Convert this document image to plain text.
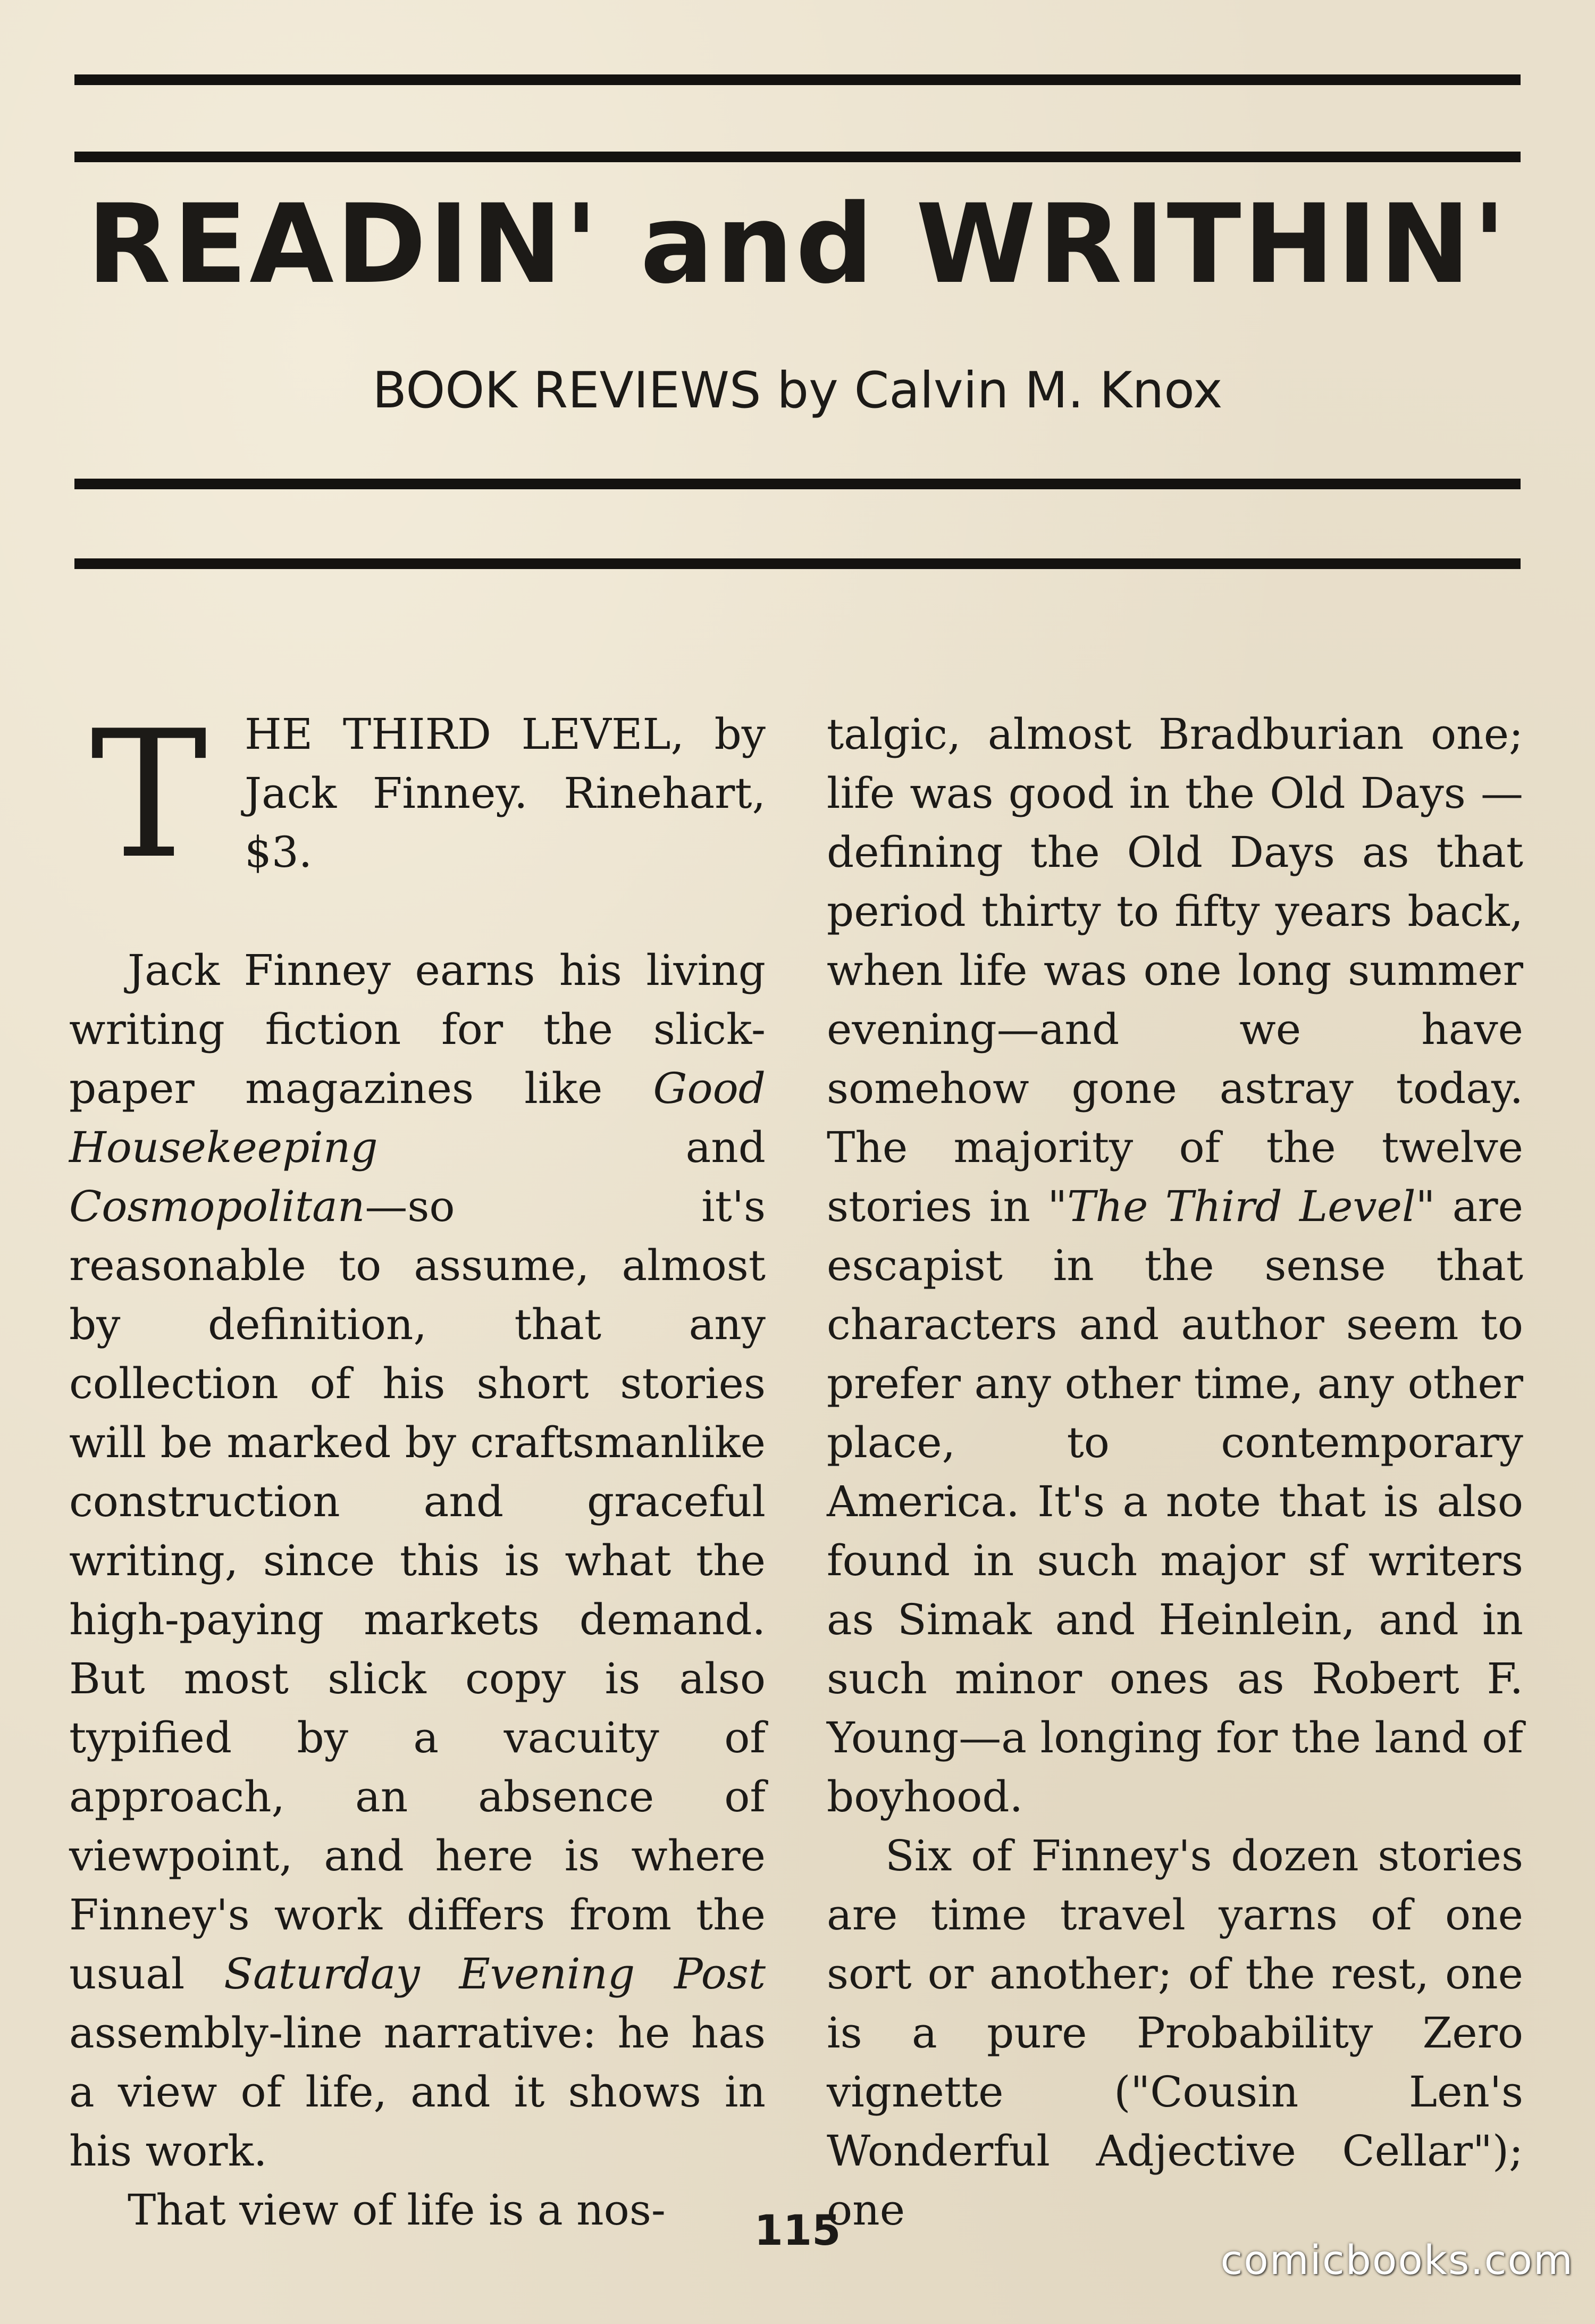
READIN' and WRITHIN'
BOOK REVIEWS by Calvin M. Knox
T HE THIRD LEVEL, by Jack Finney. Rinehart, $3.

Jack Finney earns his living writing fiction for the slick-paper magazines like Good Housekeeping and Cosmopolitan—so it's reasonable to assume, almost by definition, that any collection of his short stories will be marked by craftsmanlike construction and graceful writing, since this is what the high-paying markets demand. But most slick copy is also typified by a vacuity of approach, an absence of viewpoint, and here is where Finney's work differs from the usual Saturday Evening Post assembly-line narrative: he has a view of life, and it shows in his work.

That view of life is a nos-

talgic, almost Bradburian one; life was good in the Old Days —defining the Old Days as that period thirty to fifty years back, when life was one long summer evening—and we have somehow gone astray today. The majority of the twelve stories in "The Third Level" are escapist in the sense that characters and author seem to prefer any other time, any other place, to contemporary America. It's a note that is also found in such major sf writers as Simak and Heinlein, and in such minor ones as Robert F. Young—a longing for the land of boyhood.

Six of Finney's dozen stories are time travel yarns of one sort or another; of the rest, one is a pure Probability Zero vignette ("Cousin Len's Wonderful Adjective Cellar"); one

115
comicbooks.com
